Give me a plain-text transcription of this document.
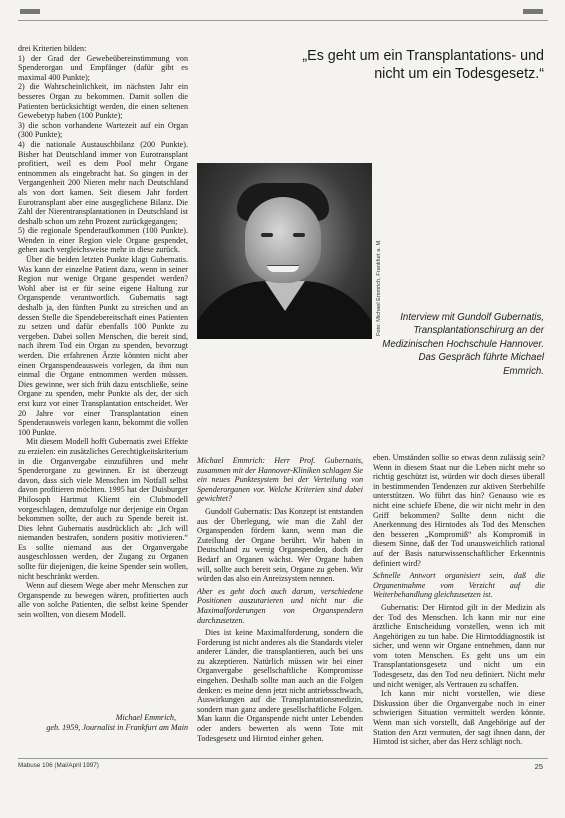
drei Kriterien bilden:

1) der Grad der Gewebeübereinstimmung von Spenderorgan und Empfänger (dafür gibt es maximal 400 Punkte);

2) die Wahrscheinlichkeit, im nächsten Jahr ein besseres Organ zu bekommen. Damit sollen die Patienten berücksichtigt werden, die einen seltenen Gewebetyp haben (100 Punkte);

3) die schon vorhandene Wartezeit auf ein Organ (300 Punkte);

4) die nationale Austauschbilanz (200 Punkte). Bisher hat Deutschland immer von Eurotransplant profitiert, weil es dem Pool mehr Organe entnommen als eingebracht hat. So gingen in der Vergangenheit 200 Nieren mehr nach Deutschland als von dort kamen. Seit diesem Jahr fordert Eurotransplant aber eine ausgeglichene Bilanz. Die Zahl der Nierentransplantationen in Deutschland ist deshalb schon um zehn Prozent zurückgegangen;

5) die regionale Spenderaufkommen (100 Punkte). Wenden in einer Region viele Organe gespendet, gehen auch vergleichsweise mehr in diese zurück.

Über die beiden letzten Punkte klagt Gubernatis. Was kann der einzelne Patient dazu, wenn in seiner Region nur wenige Organe gespendet werden? Wohl aber ist er für seine eigene Haltung zur Organspende verantwortlich. Gubernatis sagt deshalb ja, den fünften Punkt zu streichen und an dessen Stelle die Spendebereitschaft eines Patienten zu setzen und dafür ebenfalls 100 Punkte zu vergeben. Dabei sollen Menschen, die bereit sind, nach ihrem Tod ein Organ zu spenden, bevorzugt werden. Die erfahrenen Ärzte könnten nicht aber einen Organspendeausweis vorlegen, da ihm nun einmal die Organe entnommen werden müssen. Dies gewinne, wer sich früh dazu entschließe, seine Organe zu spenden, mehr Punkte als der, der sich erst kurz vor einer Transplantation entscheidet. Wer 20 Jahre vor einer Transplantation einen Spenderausweis vorlegen kann, bekommt die vollen 100 Punkte.

Mit diesem Modell hofft Gubernatis zwei Effekte zu erzielen: ein zusätzliches Gerechtigkeitskriterium in die Organvergabe einzuführen und mehr Spenderorgane zu gewinnen. Er ist überzeugt davon, dass sich viele Menschen im Notfall selbst davon profitieren möchten. 1995 hat der Duisburger Philosoph Hartmut Kliemt ein Clubmodell vorgeschlagen, demzufolge nur derjenige ein Organ bekommen sollte, der auch zu Spende bereit ist. Dies lehnt Gubernatis ausdrücklich ab: „Ich will niemanden bestrafen, sondern positiv motivieren.“ Es sollte niemand aus der Organvergabe ausgeschlossen werden, der Zugang zu Organen sollte für diejenigen, die keine Spender sein wollen, nicht beschränkt werden.

Wenn auf diesem Wege aber mehr Menschen zur Organspende zu bewegen wären, profitierten auch alle von solche Patienten, die selbst keine Spender sein wollten, von diesem Modell.

Michael Emmrich,
geb. 1959, Journalist in Frankfurt am Main
„Es geht um ein Transplantations- und nicht um ein Todesgesetz.“
Foto: Michael Emmrich, Frankfurt a. M.	Interview mit Gundolf Gubernatis, Transplantationschirurg an der Medizinischen Hochschule Hannover. Das Gespräch führte Michael Emmrich.

Michael Emmrich: Herr Prof. Gubernatis, zusammen mit der Hannover-Kliniken schlagen Sie ein neues Punktesystem bei der Verteilung von Spenderorganen vor. Welche Kriterien sind dabei gewichtet?

Gundolf Gubernatis: Das Konzept ist entstanden aus der Überlegung, wie man die Zahl der Organspenden fördern kann, wenn man die Zuteilung der Organe berührt. Wir haben in Deutschland zu wenig Organspenden, doch der Bedarf an Organen wächst. Wer Organe haben will, sollte auch bereit sein, Organe zu geben. Wir würden das also ein Anreizsystem nennen.

Aber es geht doch auch darum, verschiedene Positionen auszutarieren und nicht nur die Maximalforderungen von Organspendern durchzusetzen.

Dies ist keine Maximalforderung, sondern die Forderung ist nicht anderes als die Standards vieler anderer Länder, die transplantieren, auch bei uns zu akzeptieren. Natürlich müssen wir bei einer Organvergabe gesellschaftliche Kompromisse eingehen. Deshalb sollte man auch an die Folgen denken: es meine denn jetzt nicht antriebsschwach, Auswirkungen auf die Transplantationsmedizin, sondern man ganz andere gesellschaftliche Folgen. Man kann die Organspende nicht unter Lebenden oder anders bewerten als wenn Tote mit Todesgesetz und Hirntod einher gehen.

eben. Umständen sollte so etwas denn zulässig sein? Wenn in diesem Staat nur die Leben nicht mehr so richtig geschützt ist, würden wir doch dieses überall in bestimmenden Tendenzen zur aktiven Sterbehilfe unterstützen. Wo führt das hin? Genauso wie es nicht eine schiefe Ebene, die wir nicht mehr in den Griff bekommen? Sollte denn nicht die Anerkennung des Hirntodes als Tod des Menschen den besseren „Kompromiß“ als Kompromiß in diesem Sinne, daß der Tod unausweichlich rational auf der Basis naturwissenschaftlicher Erkenntnis definiert wird?

Schnelle Antwort organisiert sein, daß die Organentnahme vom Verzicht auf die Weiterbehandlung gleichzusetzen ist.

Gubernatis: Der Hirntod gilt in der Medizin als der Tod des Menschen. Ich kann mir nur eine ärztliche Entscheidung vorstellen, wenn ich mit Angehörigen zu tun habe. Die Hirntoddiagnostik ist sicher, und wenn wir Organe entnehmen, dann nur vom toten Menschen. Es geht uns um ein Transplantationsgesetz und nicht um ein Todesgesetz, das den Tod neu definiert. Nicht mehr und nicht weniger, als Vertrauen zu schaffen.

Ich kann mir nicht vorstellen, wie diese Diskussion über die Organvergabe noch in einer schwierigen Situation vermittelt werden könnte. Wenn man sich vorstellt, daß Angehörige auf der Station den Arzt vermuten, der sagt ihnen dann, der Hirntod ist sicher, aber das Herz schlägt noch.

Mabuse 106 (Mai/April 1997)	25
